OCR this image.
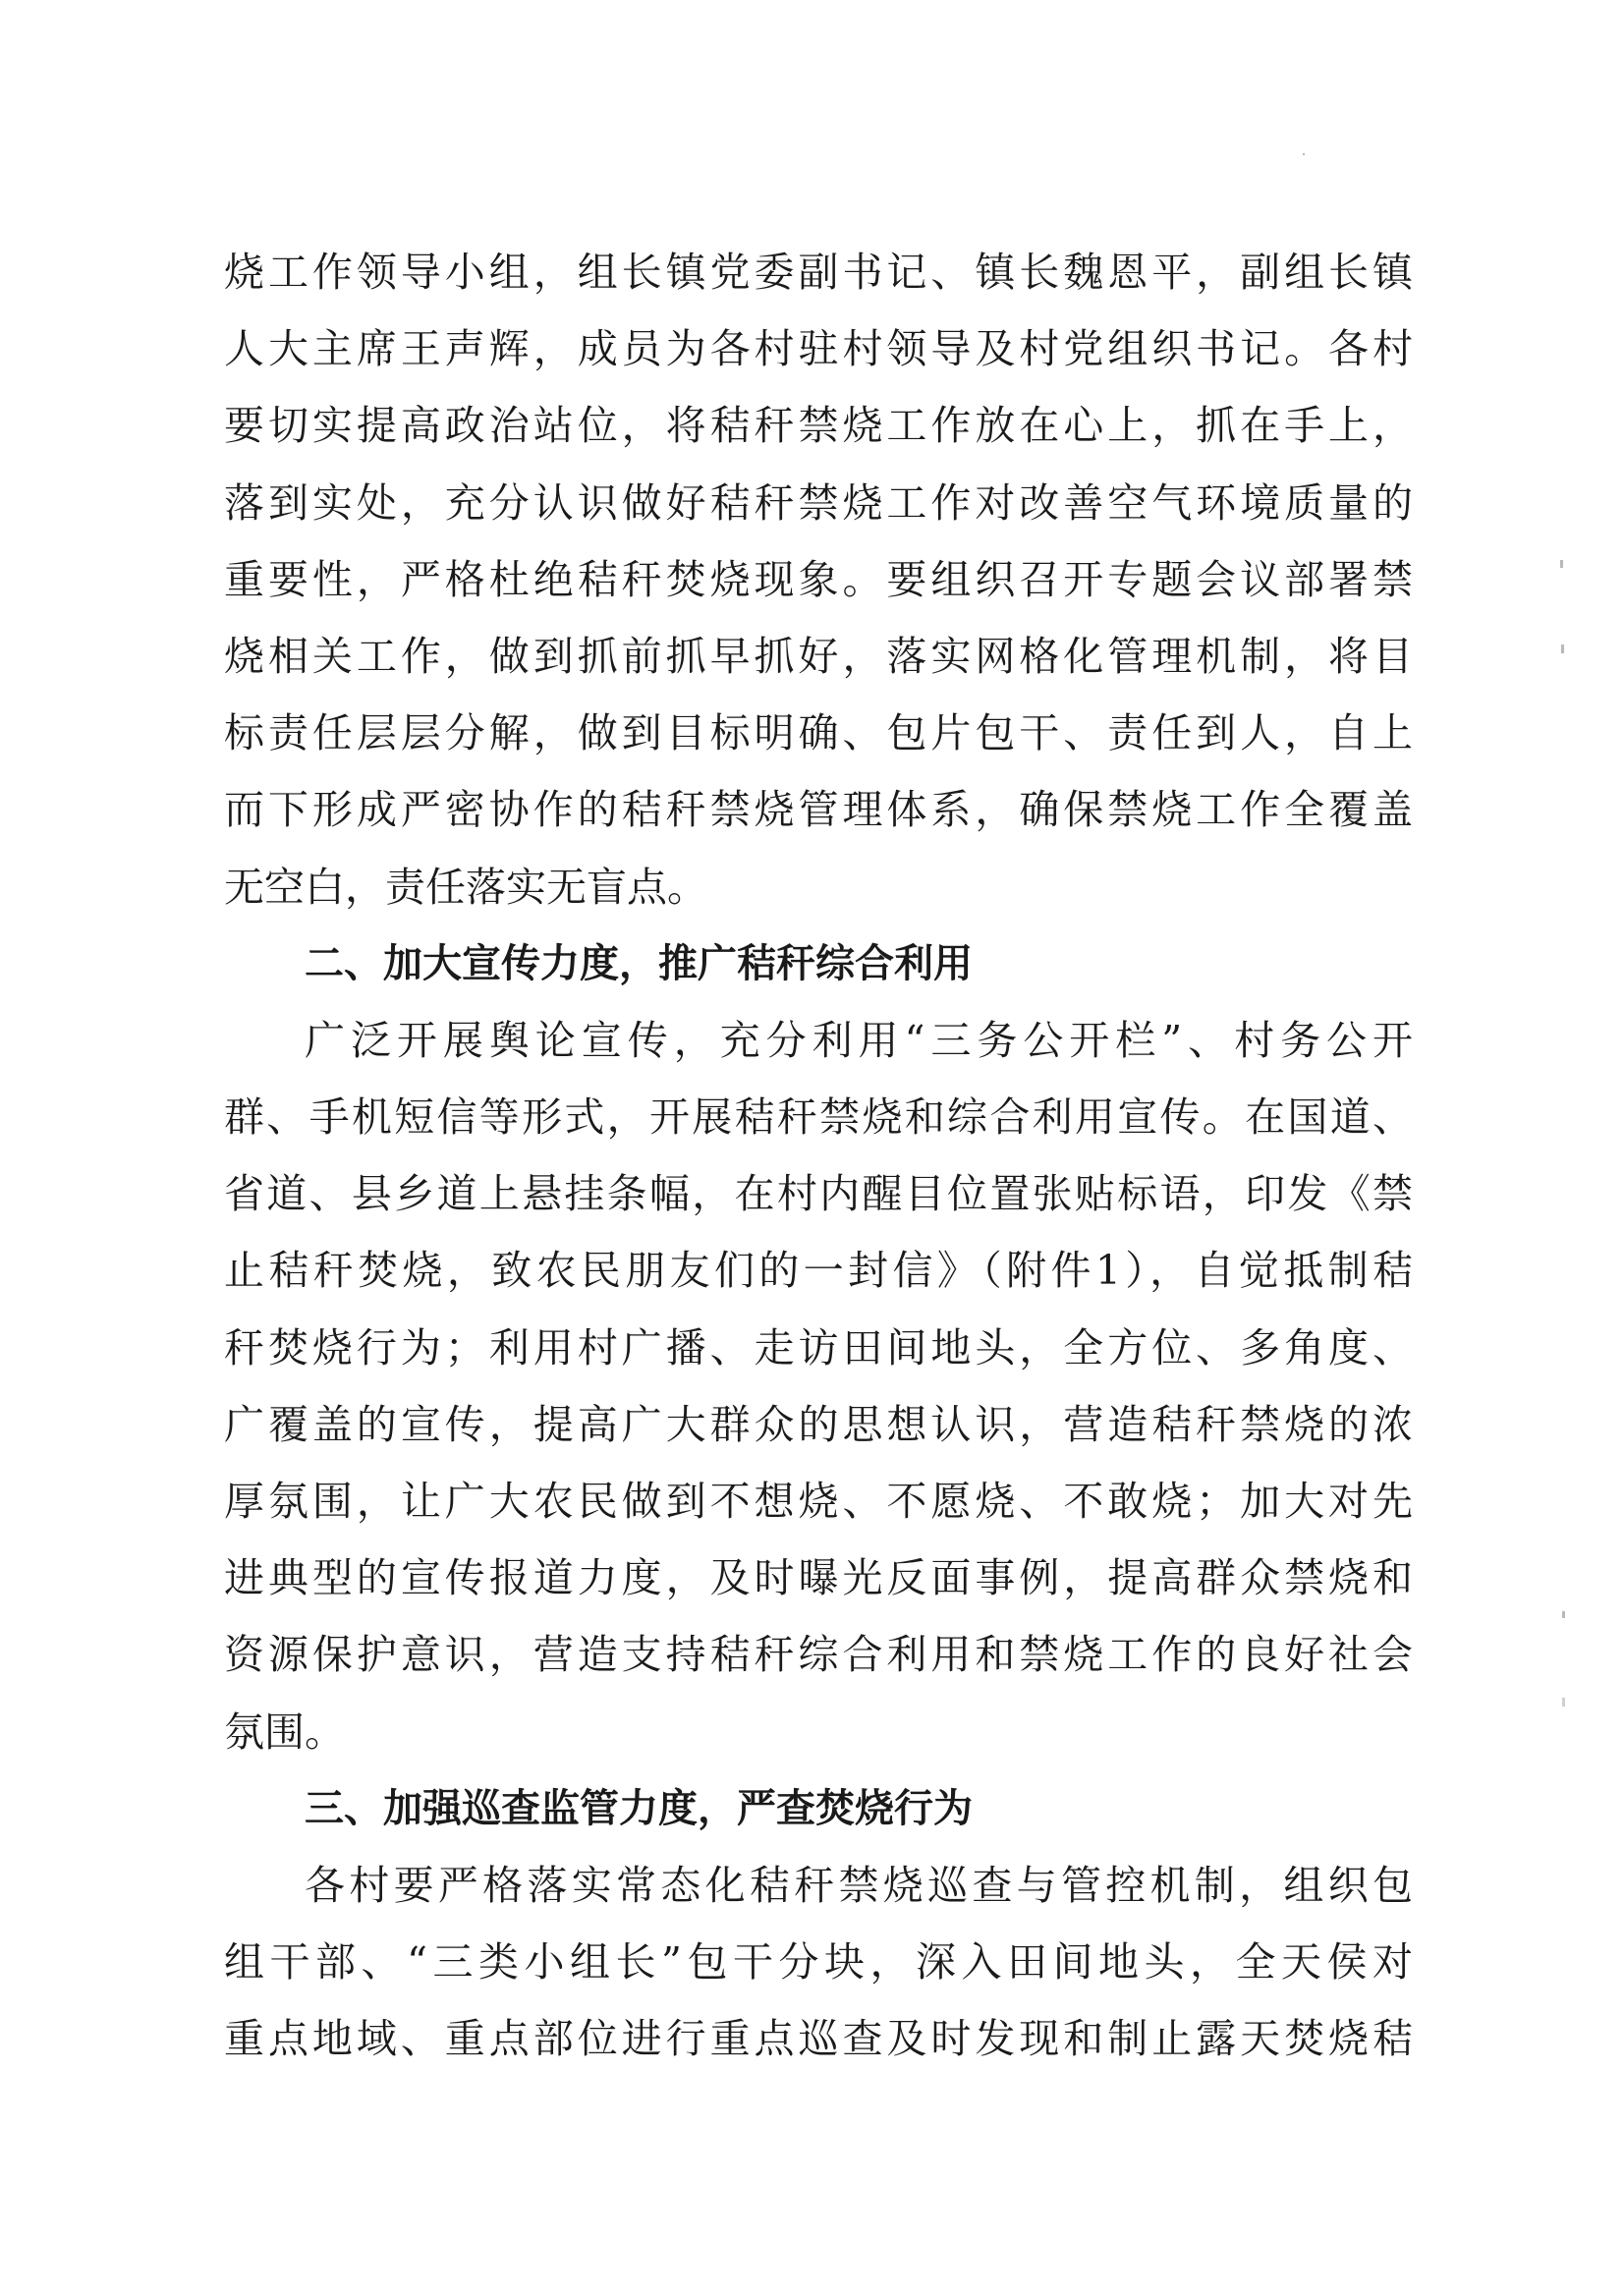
烧工作领导小组，组长镇党委副书记、镇长魏恩平，副组长镇
人大主席王声辉，成员为各村驻村领导及村党组织书记。各村
要切实提高政治站位，将秸秆禁烧工作放在心上，抓在手上，
落到实处，充分认识做好秸秆禁烧工作对改善空气环境质量的
重要性，严格杜绝秸秆焚烧现象。要组织召开专题会议部署禁
烧相关工作，做到抓前抓早抓好，落实网格化管理机制，将目
标责任层层分解，做到目标明确、包片包干、责任到人，自上
而下形成严密协作的秸秆禁烧管理体系，确保禁烧工作全覆盖
无空白，责任落实无盲点。
二、加大宣传力度，推广秸秆综合利用
广泛开展舆论宣传，充分利用“三务公开栏”、村务公开
群、手机短信等形式，开展秸秆禁烧和综合利用宣传。在国道、
省道、县乡道上悬挂条幅，在村内醒目位置张贴标语，印发《禁
止秸秆焚烧，致农民朋友们的一封信》（附件1），自觉抵制秸
秆焚烧行为；利用村广播、走访田间地头，全方位、多角度、
广覆盖的宣传，提高广大群众的思想认识，营造秸秆禁烧的浓
厚氛围，让广大农民做到不想烧、不愿烧、不敢烧；加大对先
进典型的宣传报道力度，及时曝光反面事例，提高群众禁烧和
资源保护意识，营造支持秸秆综合利用和禁烧工作的良好社会
氛围。
三、加强巡查监管力度，严查焚烧行为
各村要严格落实常态化秸秆禁烧巡查与管控机制，组织包
组干部、“三类小组长”包干分块，深入田间地头，全天侯对
重点地域、重点部位进行重点巡查及时发现和制止露天焚烧秸
